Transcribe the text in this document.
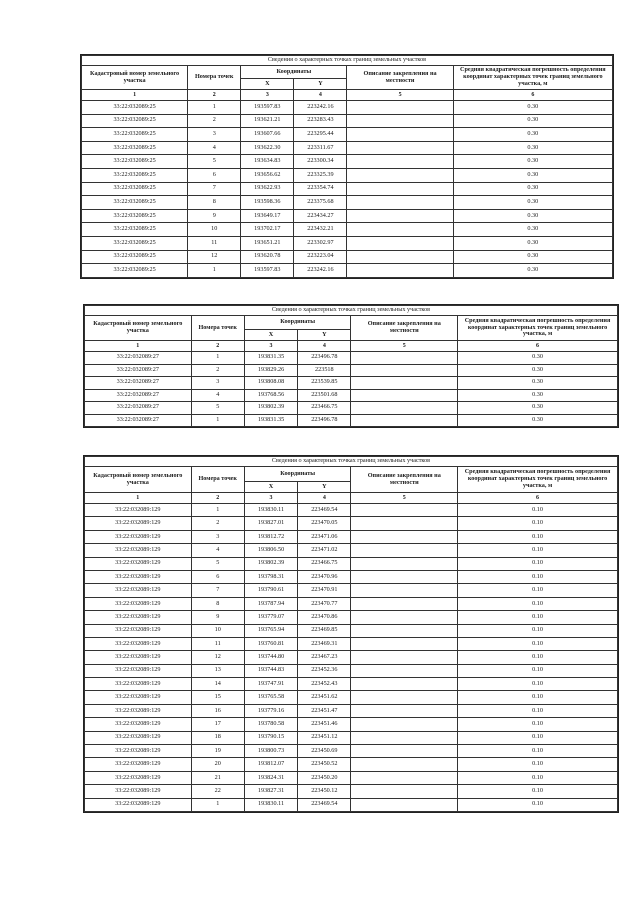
Сведения о характерных точках границ земельных участков					
Кадастровый номер земельного участка	Номера точек	Координаты		Описание закрепления на местности	Средняя квадратическая погрешность определения координат характерных точек границ земельного участка, м
		X	Y		
1	2	3	4	5	6
33:22:032089:25	1	193597.83	223242.16		0.30
33:22:032089:25	2	193621.21	223283.43		0.30
33:22:032089:25	3	193607.66	223295.44		0.30
33:22:032089:25	4	193622.30	223311.67		0.30
33:22:032089:25	5	193634.83	223300.34		0.30
33:22:032089:25	6	193656.62	223325.39		0.30
33:22:032089:25	7	193622.93	223354.74		0.30
33:22:032089:25	8	193598.36	223375.68		0.30
33:22:032089:25	9	193649.17	223434.27		0.30
33:22:032089:25	10	193702.17	223432.21		0.30
33:22:032089:25	11	193651.21	223302.97		0.30
33:22:032089:25	12	193620.78	223223.04		0.30
33:22:032089:25	1	193597.83	223242.16		0.30
Сведения о характерных точках границ земельных участков					
Кадастровый номер земельного участка	Номера точек	Координаты		Описание закрепления на местности	Средняя квадратическая погрешность определения координат характерных точек границ земельного участка, м
		X	Y		
1	2	3	4	5	6
33:22:032089:27	1	193831.35	223496.78		0.30
33:22:032089:27	2	193829.26	223518		0.30
33:22:032089:27	3	193808.08	223539.85		0.30
33:22:032089:27	4	193768.56	223501.68		0.30
33:22:032089:27	5	193802.39	223466.75		0.30
33:22:032089:27	1	193831.35	223496.78		0.30
Сведения о характерных точках границ земельных участков					
Кадастровый номер земельного участка	Номера точек	Координаты		Описание закрепления на местности	Средняя квадратическая погрешность определения координат характерных точек границ земельного участка, м
		X	Y		
1	2	3	4	5	6
33:22:032089:129	1	193830.11	223469.54		0.10
33:22:032089:129	2	193827.01	223470.05		0.10
33:22:032089:129	3	193812.72	223471.06		0.10
33:22:032089:129	4	193806.50	223471.02		0.10
33:22:032089:129	5	193802.39	223466.75		0.10
33:22:032089:129	6	193798.31	223470.96		0.10
33:22:032089:129	7	193790.61	223470.91		0.10
33:22:032089:129	8	193787.94	223470.77		0.10
33:22:032089:129	9	193779.07	223470.86		0.10
33:22:032089:129	10	193765.94	223469.85		0.10
33:22:032089:129	11	193760.81	223469.31		0.10
33:22:032089:129	12	193744.80	223467.23		0.10
33:22:032089:129	13	193744.83	223452.36		0.10
33:22:032089:129	14	193747.91	223452.43		0.10
33:22:032089:129	15	193765.58	223451.62		0.10
33:22:032089:129	16	193779.16	223451.47		0.10
33:22:032089:129	17	193780.58	223451.46		0.10
33:22:032089:129	18	193790.15	223451.12		0.10
33:22:032089:129	19	193800.73	223450.69		0.10
33:22:032089:129	20	193812.07	223450.52		0.10
33:22:032089:129	21	193824.31	223450.20		0.10
33:22:032089:129	22	193827.31	223450.12		0.10
33:22:032089:129	1	193830.11	223469.54		0.10
